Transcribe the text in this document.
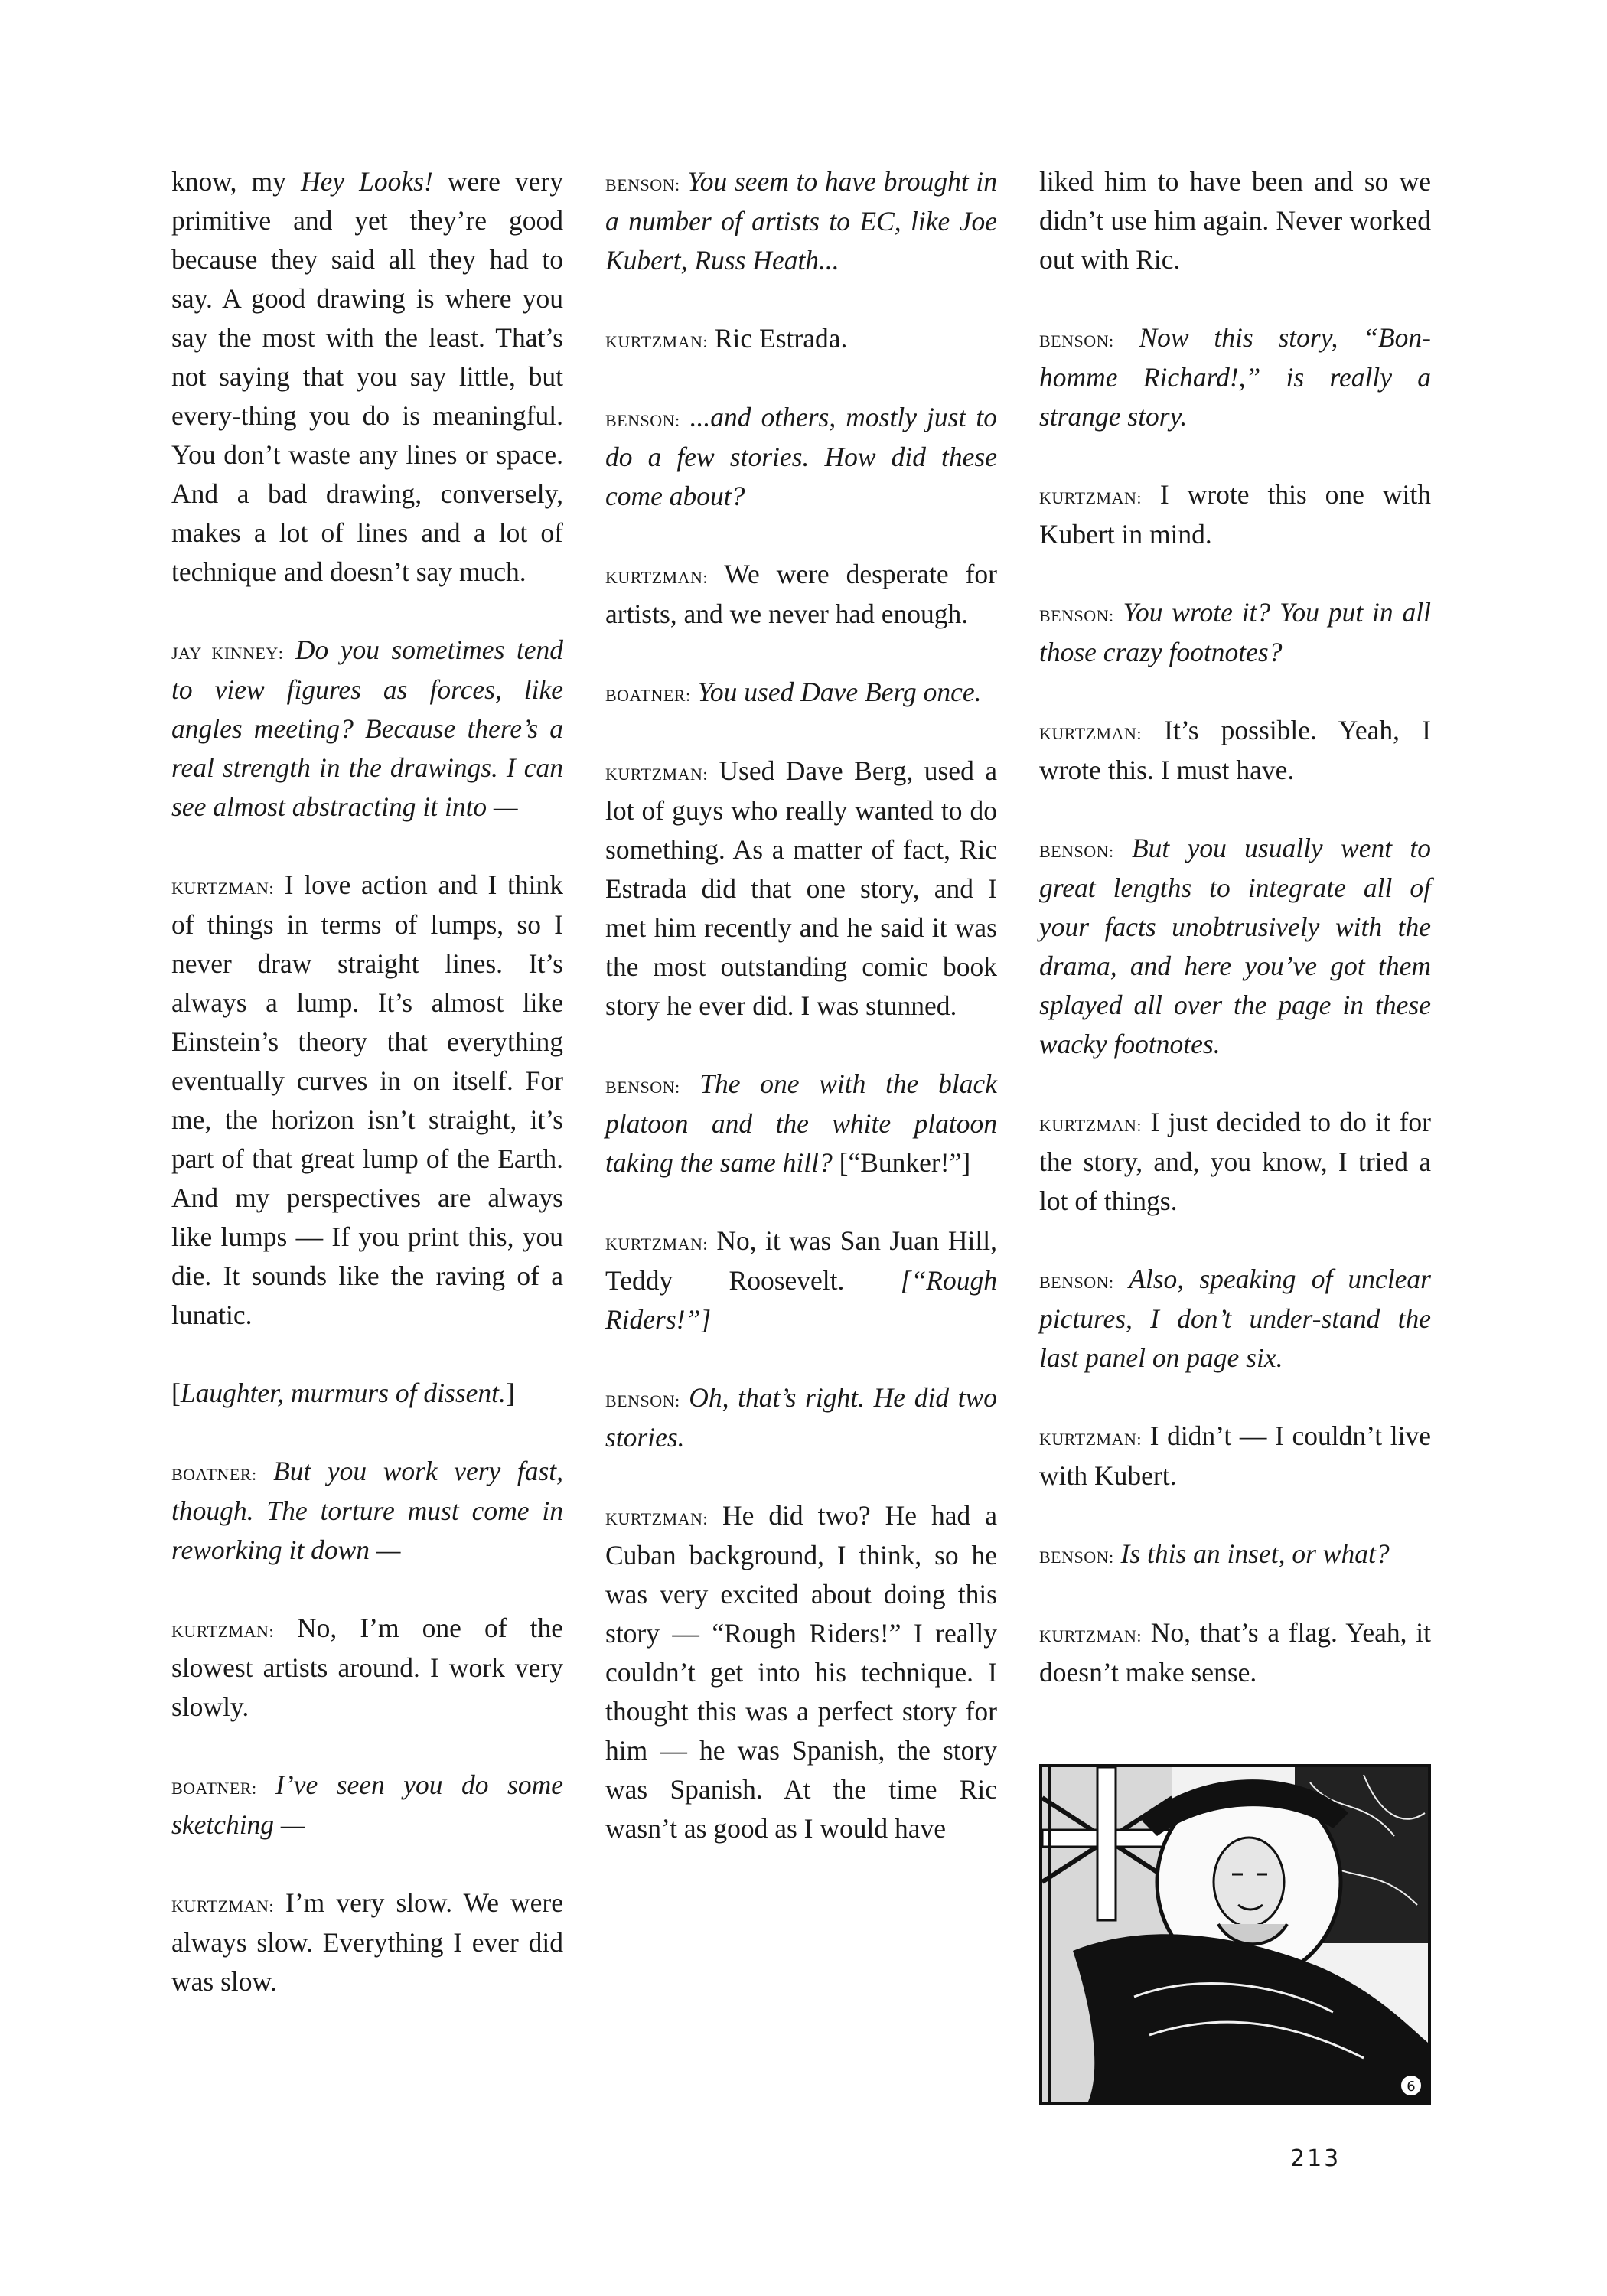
know, my Hey Looks! were very primitive and yet they’re good because they said all they had to say. A good drawing is where you say the most with the least. That’s not saying that you say little, but every-thing you do is meaningful. You don’t waste any lines or space. And a bad drawing, conversely, makes a lot of lines and a lot of technique and doesn’t say much.

jay kinney: Do you sometimes tend to view figures as forces, like angles meeting? Because there’s a real strength in the drawings. I can see almost abstracting it into —

kurtzman: I love action and I think of things in terms of lumps, so I never draw straight lines. It’s always a lump. It’s almost like Einstein’s theory that everything eventually curves in on itself. For me, the horizon isn’t straight, it’s part of that great lump of the Earth. And my perspectives are always like lumps — If you print this, you die. It sounds like the raving of a lunatic.

[Laughter, murmurs of dissent.]

boatner: But you work very fast, though. The torture must come in reworking it down —

kurtzman: No, I’m one of the slowest artists around. I work very slowly.

boatner: I’ve seen you do some sketching —

kurtzman: I’m very slow. We were always slow. Everything I ever did was slow.

benson: You seem to have brought in a number of artists to EC, like Joe Kubert, Russ Heath...

kurtzman: Ric Estrada.

benson: ...and others, mostly just to do a few stories. How did these come about?

kurtzman: We were desperate for artists, and we never had enough.

boatner: You used Dave Berg once.

kurtzman: Used Dave Berg, used a lot of guys who really wanted to do something. As a matter of fact, Ric Estrada did that one story, and I met him recently and he said it was the most outstanding comic book story he ever did. I was stunned.

benson: The one with the black platoon and the white platoon taking the same hill? [“Bunker!”]

kurtzman: No, it was San Juan Hill, Teddy Roosevelt. [“Rough Riders!”]

benson: Oh, that’s right. He did two stories.

kurtzman: He did two? He had a Cuban background, I think, so he was very excited about doing this story — “Rough Riders!” I really couldn’t get into his technique. I thought this was a perfect story for him — he was Spanish, the story was Spanish. At the time Ric wasn’t as good as I would have

liked him to have been and so we didn’t use him again. Never worked out with Ric.

benson: Now this story, “Bon-homme Richard!,” is really a strange story.

kurtzman: I wrote this one with Kubert in mind.

benson: You wrote it? You put in all those crazy footnotes?

kurtzman: It’s possible. Yeah, I wrote this. I must have.

benson: But you usually went to great lengths to integrate all of your facts unobtrusively with the drama, and here you’ve got them splayed all over the page in these wacky footnotes.

kurtzman: I just decided to do it for the story, and, you know, I tried a lot of things.

benson: Also, speaking of unclear pictures, I don’t under-stand the last panel on page six.

kurtzman: I didn’t — I couldn’t live with Kubert.

benson: Is this an inset, or what?

kurtzman: No, that’s a flag. Yeah, it doesn’t make sense.

6
213
